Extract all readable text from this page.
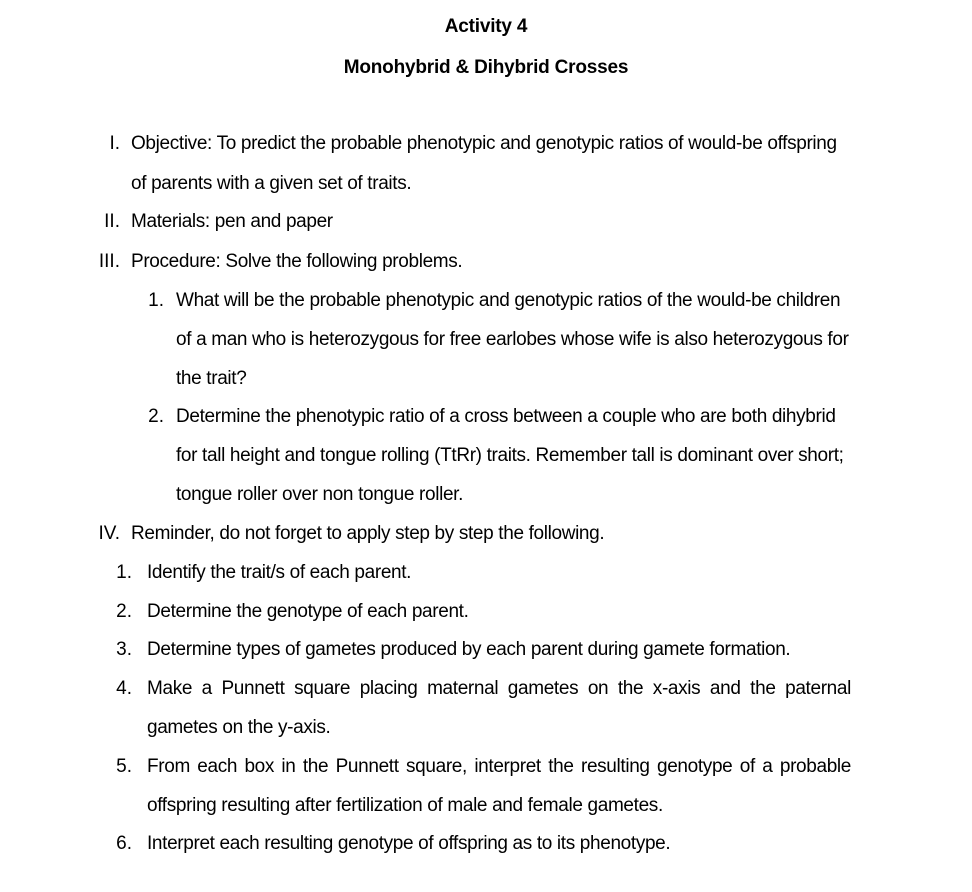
Activity 4
Monohybrid & Dihybrid Crosses
I. Objective: To predict the probable phenotypic and genotypic ratios of would-be offspring
of parents with a given set of traits.
II. Materials: pen and paper
III. Procedure: Solve the following problems.
1. What will be the probable phenotypic and genotypic ratios of the would-be children
of a man who is heterozygous for free earlobes whose wife is also heterozygous for
the trait?
2. Determine the phenotypic ratio of a cross between a couple who are both dihybrid
for tall height and tongue rolling (TtRr) traits. Remember tall is dominant over short;
tongue roller over non tongue roller.
IV. Reminder, do not forget to apply step by step the following.
1. Identify the trait/s of each parent.
2. Determine the genotype of each parent.
3. Determine types of gametes produced by each parent during gamete formation.
4. Make a Punnett square placing maternal gametes on the x-axis and the paternal
gametes on the y-axis.
5. From each box in the Punnett square, interpret the resulting genotype of a probable
offspring resulting after fertilization of male and female gametes.
6. Interpret each resulting genotype of offspring as to its phenotype.
